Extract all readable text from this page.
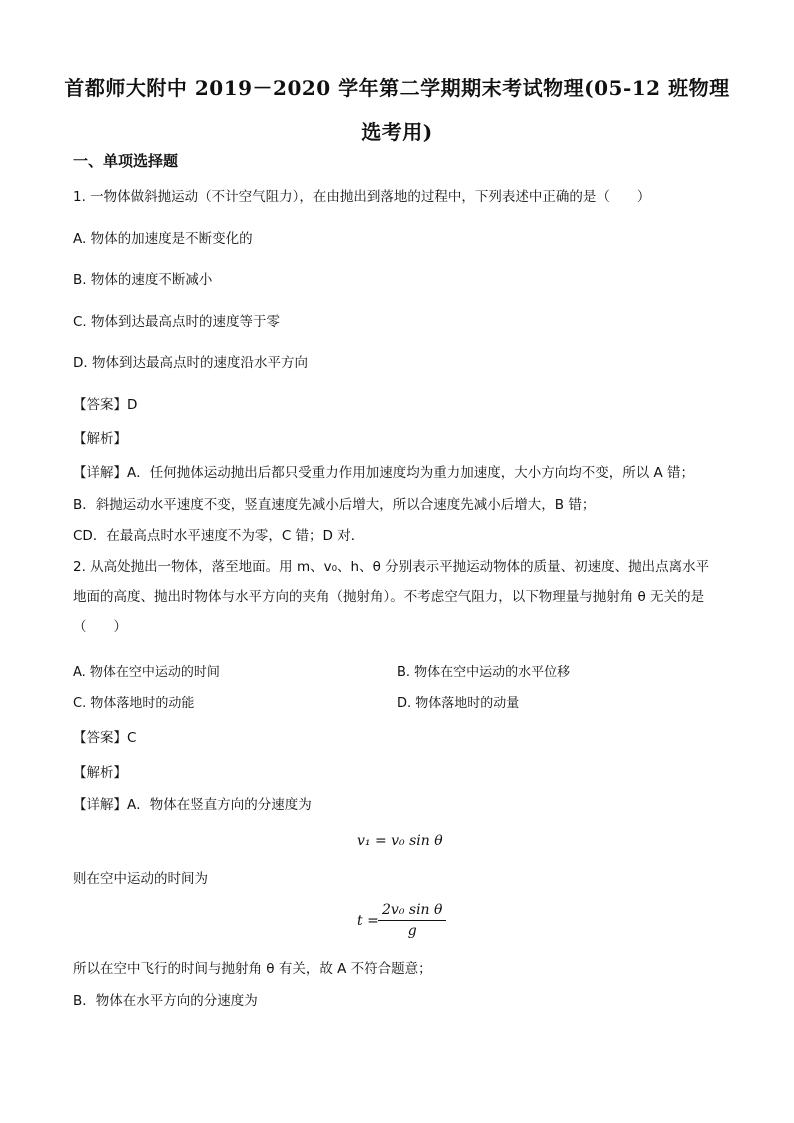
首都师大附中 2019－2020 学年第二学期期末考试物理(05-12 班物理
选考用)
一、单项选择题
1. 一物体做斜抛运动（不计空气阻力），在由抛出到落地的过程中，下列表述中正确的是（　　）
A. 物体的加速度是不断变化的
B. 物体的速度不断减小
C. 物体到达最高点时的速度等于零
D. 物体到达最高点时的速度沿水平方向
【答案】D
【解析】
【详解】A．任何抛体运动抛出后都只受重力作用加速度均为重力加速度，大小方向均不变，所以 A 错；
B．斜抛运动水平速度不变，竖直速度先减小后增大，所以合速度先减小后增大，B 错；
CD．在最高点时水平速度不为零，C 错；D 对．
2. 从高处抛出一物体，落至地面。用 m、v₀、h、θ 分别表示平抛运动物体的质量、初速度、抛出点离水平地面的高度、抛出时物体与水平方向的夹角（抛射角）。不考虑空气阻力，以下物理量与抛射角 θ 无关的是（　　）
A. 物体在空中运动的时间	B. 物体在空中运动的水平位移
C. 物体落地时的动能	D. 物体落地时的动量
【答案】C
【解析】
【详解】A．物体在竖直方向的分速度为
v₁ = v₀ sin θ
则在空中运动的时间为
$t = \frac{\text{2v₀ sin θ}}{g}$
所以在空中飞行的时间与抛射角 θ 有关，故 A 不符合题意；
B．物体在水平方向的分速度为
